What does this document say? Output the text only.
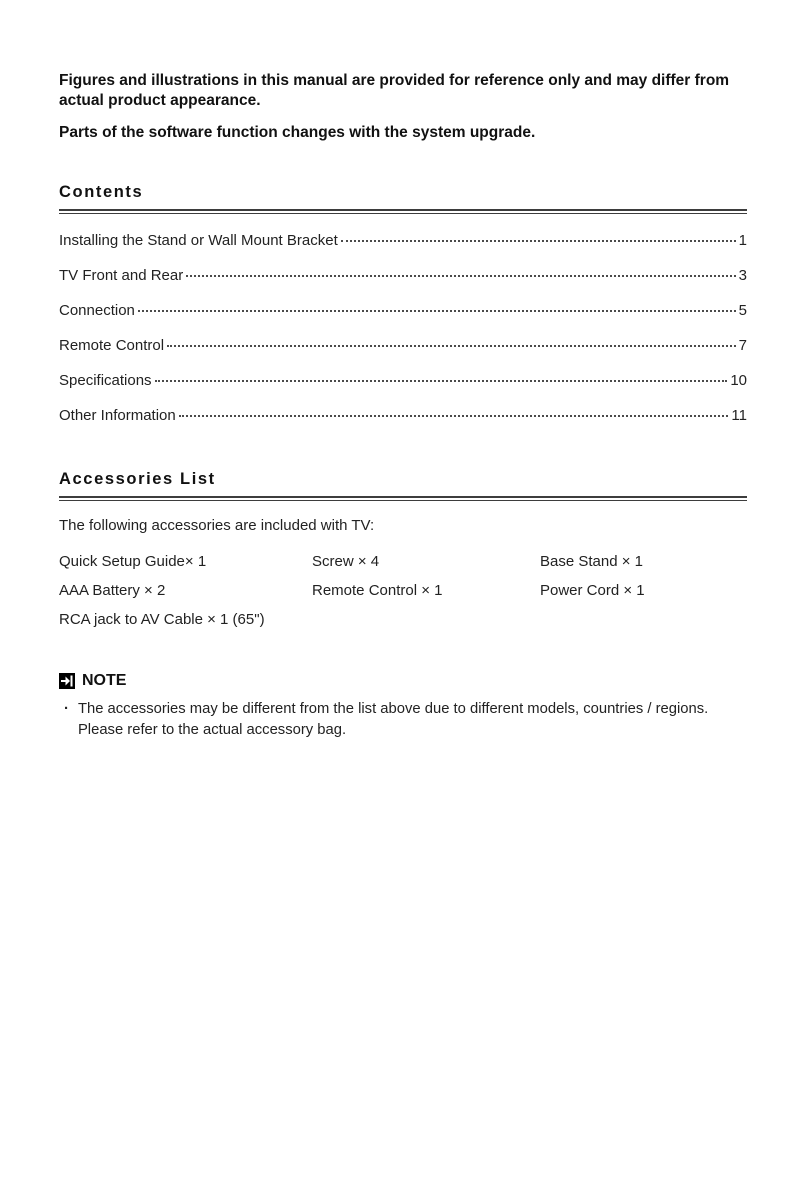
Figures and illustrations in this manual are provided for reference only and may differ from actual product appearance.

Parts of the software function changes with the system upgrade.

Contents
Installing the Stand or Wall Mount Bracket	1
TV Front and Rear	3
Connection	5
Remote Control	7
Specifications	10
Other Information	11
Accessories List

The following accessories are included with TV:

Quick Setup Guide× 1	Screw × 4	Base Stand × 1
AAA Battery × 2	Remote Control × 1	Power Cord × 1
RCA jack to AV Cable × 1 (65")
NOTE
· The accessories may be different from the list above due to different models, countries / regions. Please refer to the actual accessory bag.
